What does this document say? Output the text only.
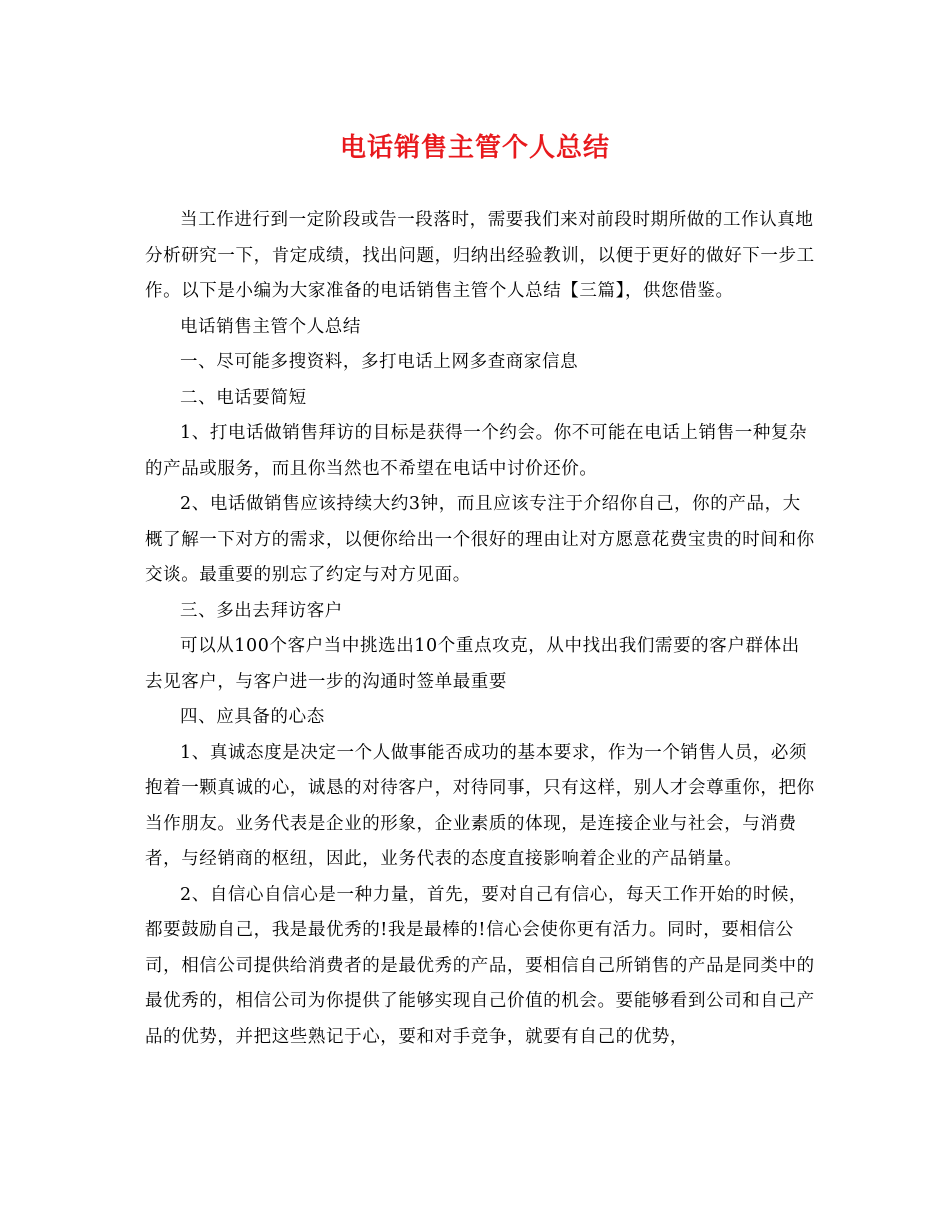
电话销售主管个人总结

当工作进行到一定阶段或告一段落时，需要我们来对前段时期所做的工作认真地分析研究一下，肯定成绩，找出问题，归纳出经验教训，以便于更好的做好下一步工作。以下是小编为大家准备的电话销售主管个人总结【三篇】，供您借鉴。

电话销售主管个人总结

一、尽可能多搜资料，多打电话上网多查商家信息

二、电话要简短

1、打电话做销售拜访的目标是获得一个约会。你不可能在电话上销售一种复杂的产品或服务，而且你当然也不希望在电话中讨价还价。

2、电话做销售应该持续大约3钟，而且应该专注于介绍你自己，你的产品，大概了解一下对方的需求，以便你给出一个很好的理由让对方愿意花费宝贵的时间和你交谈。最重要的别忘了约定与对方见面。

三、多出去拜访客户

可以从100个客户当中挑选出10个重点攻克，从中找出我们需要的客户群体出去见客户，与客户进一步的沟通时签单最重要

四、应具备的心态

1、真诚态度是决定一个人做事能否成功的基本要求，作为一个销售人员，必须抱着一颗真诚的心，诚恳的对待客户，对待同事，只有这样，别人才会尊重你，把你当作朋友。业务代表是企业的形象，企业素质的体现，是连接企业与社会，与消费者，与经销商的枢纽，因此，业务代表的态度直接影响着企业的产品销量。

2、自信心自信心是一种力量，首先，要对自己有信心，每天工作开始的时候，都要鼓励自己，我是最优秀的!我是最棒的!信心会使你更有活力。同时，要相信公司，相信公司提供给消费者的是最优秀的产品，要相信自己所销售的产品是同类中的最优秀的，相信公司为你提供了能够实现自己价值的机会。要能够看到公司和自己产品的优势，并把这些熟记于心，要和对手竞争，就要有自己的优势，
